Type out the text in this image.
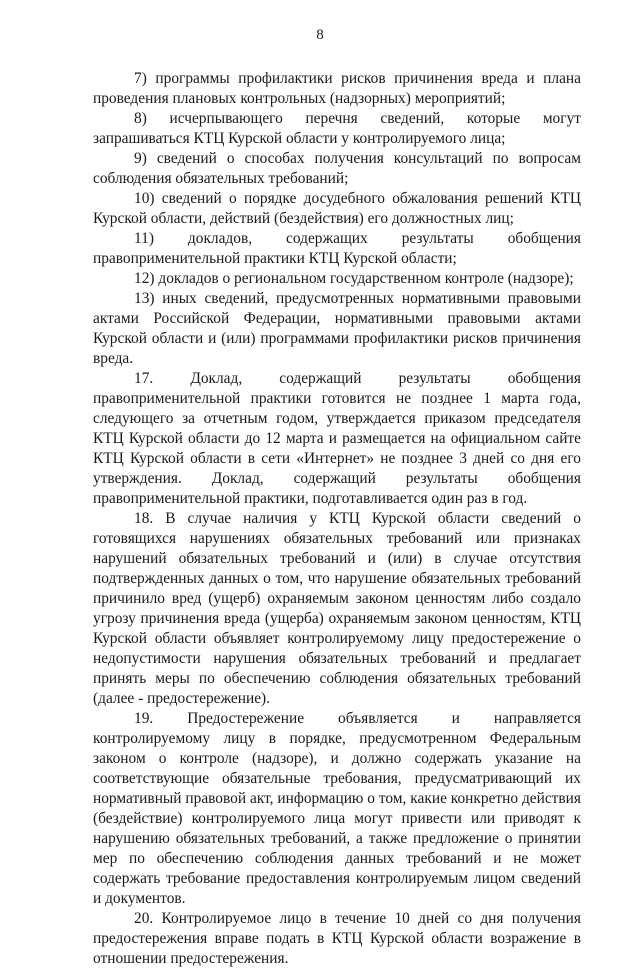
8

7) программы профилактики рисков причинения вреда и плана проведения плановых контрольных (надзорных) мероприятий;

8) исчерпывающего перечня сведений, которые могут запрашиваться КТЦ Курской области у контролируемого лица;

9) сведений о способах получения консультаций по вопросам соблюдения обязательных требований;

10) сведений о порядке досудебного обжалования решений КТЦ Курской области, действий (бездействия) его должностных лиц;

11) докладов, содержащих результаты обобщения правоприменительной практики КТЦ Курской области;

12) докладов о региональном государственном контроле (надзоре);

13) иных сведений, предусмотренных нормативными правовыми актами Российской Федерации, нормативными правовыми актами Курской области и (или) программами профилактики рисков причинения вреда.

17. Доклад, содержащий результаты обобщения правоприменительной практики готовится не позднее 1 марта года, следующего за отчетным годом, утверждается приказом председателя КТЦ Курской области до 12 марта и размещается на официальном сайте КТЦ Курской области в сети «Интернет» не позднее 3 дней со дня его утверждения. Доклад, содержащий результаты обобщения правоприменительной практики, подготавливается один раз в год.

18. В случае наличия у КТЦ Курской области сведений о готовящихся нарушениях обязательных требований или признаках нарушений обязательных требований и (или) в случае отсутствия подтвержденных данных о том, что нарушение обязательных требований причинило вред (ущерб) охраняемым законом ценностям либо создало угрозу причинения вреда (ущерба) охраняемым законом ценностям, КТЦ Курской области объявляет контролируемому лицу предостережение о недопустимости нарушения обязательных требований и предлагает принять меры по обеспечению соблюдения обязательных требований (далее - предостережение).

19. Предостережение объявляется и направляется контролируемому лицу в порядке, предусмотренном Федеральным законом о контроле (надзоре), и должно содержать указание на соответствующие обязательные требования, предусматривающий их нормативный правовой акт, информацию о том, какие конкретно действия (бездействие) контролируемого лица могут привести или приводят к нарушению обязательных требований, а также предложение о принятии мер по обеспечению соблюдения данных требований и не может содержать требование предоставления контролируемым лицом сведений и документов.

20. Контролируемое лицо в течение 10 дней со дня получения предостережения вправе подать в КТЦ Курской области возражение в отношении предостережения.
